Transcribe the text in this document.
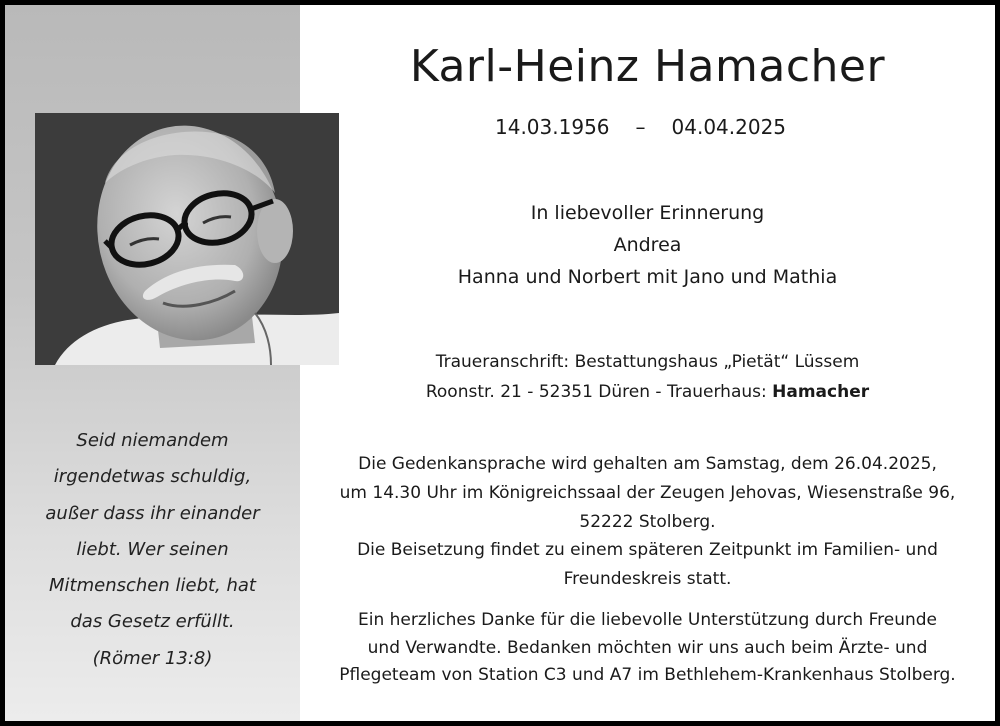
Seid niemandem
irgendetwas schuldig,
außer dass ihr einander
liebt. Wer seinen
Mitmenschen liebt, hat
das Gesetz erfüllt.
(Römer 13:8)
Karl-Heinz Hamacher
14.03.1956 – 04.04.2025
In liebevoller Erinnerung
Andrea
Hanna und Norbert mit Jano und Mathia
Traueranschrift: Bestattungshaus „Pietät“ Lüssem
Roonstr. 21 - 52351 Düren - Trauerhaus: Hamacher
Die Gedenkansprache wird gehalten am Samstag, dem 26.04.2025,
um 14.30 Uhr im Königreichssaal der Zeugen Jehovas, Wiesenstraße 96,
52222 Stolberg.
Die Beisetzung findet zu einem späteren Zeitpunkt im Familien- und
Freundeskreis statt.
Ein herzliches Danke für die liebevolle Unterstützung durch Freunde
und Verwandte. Bedanken möchten wir uns auch beim Ärzte- und
Pflegeteam von Station C3 und A7 im Bethlehem-Krankenhaus Stolberg.
